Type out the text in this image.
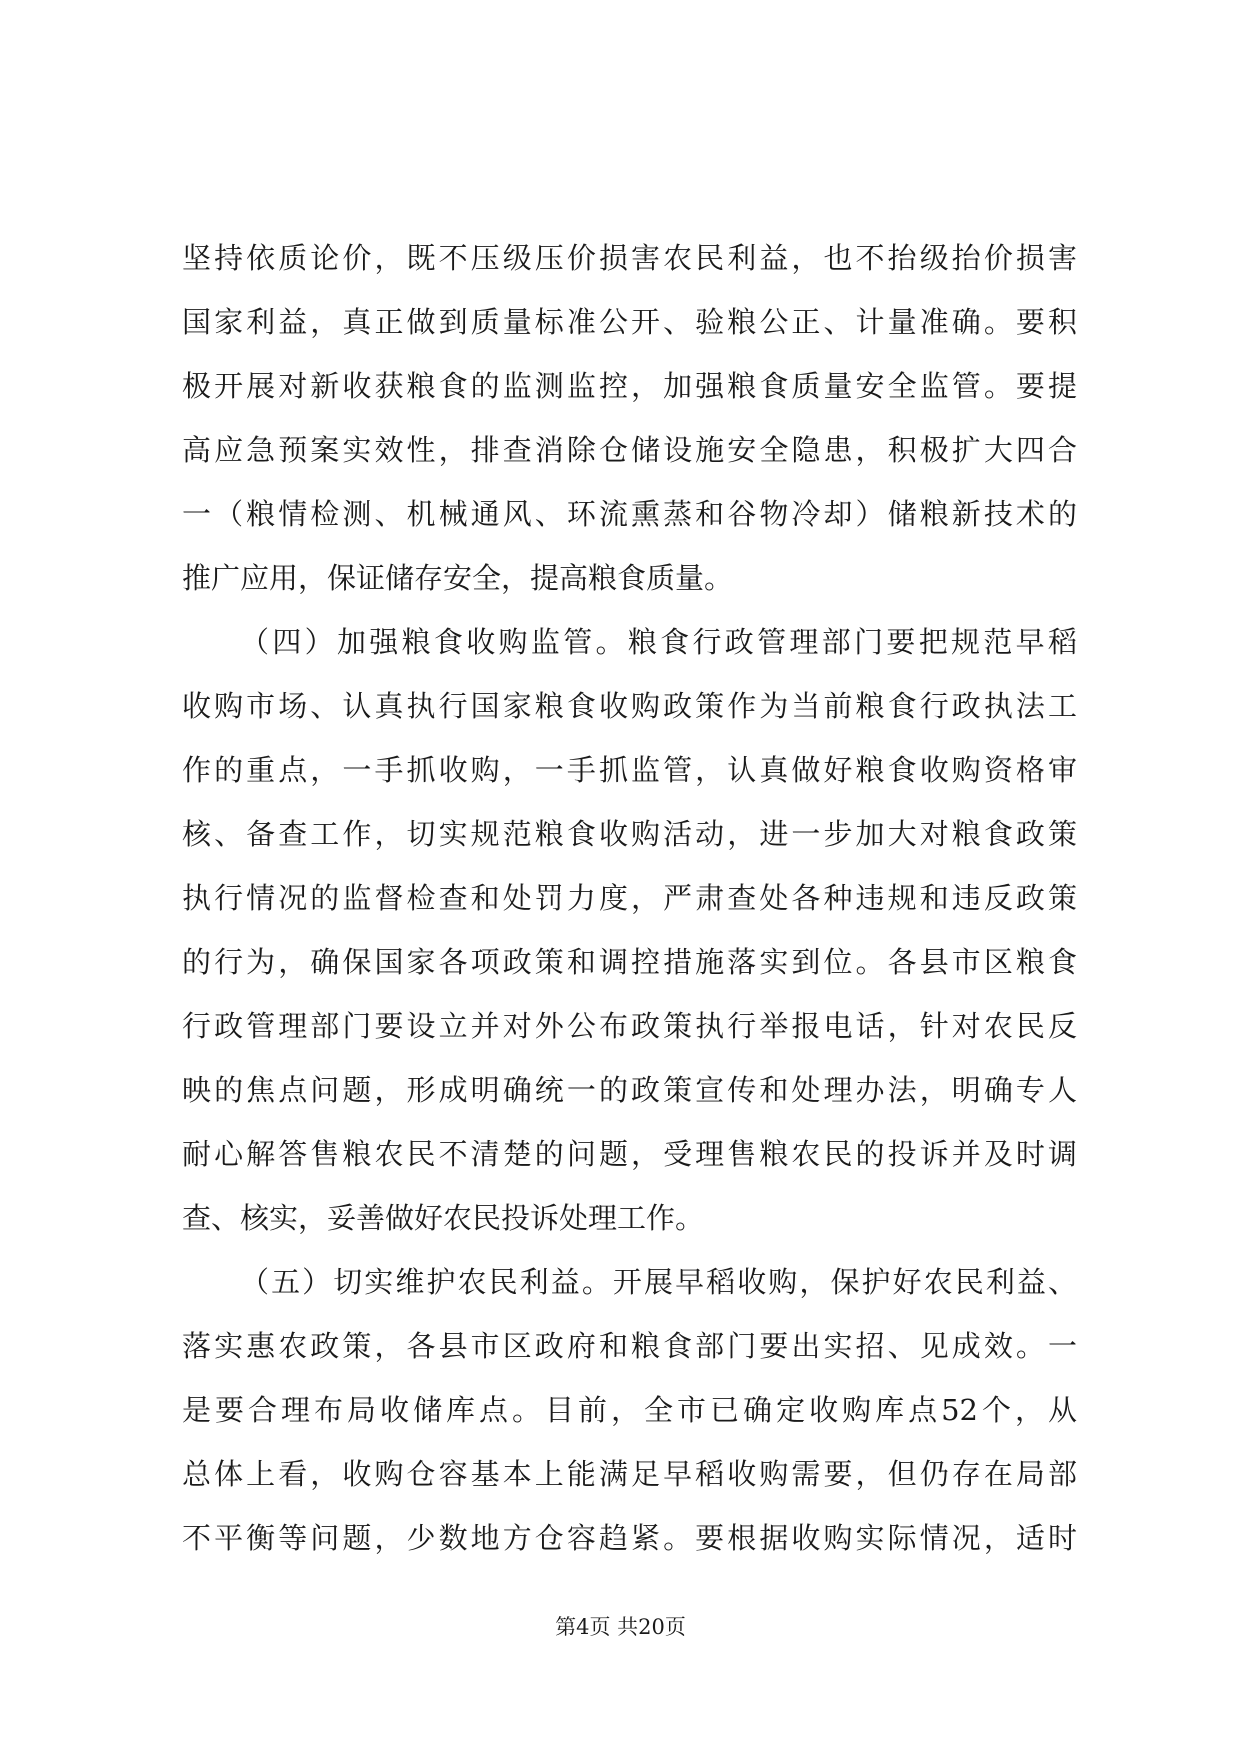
坚持依质论价，既不压级压价损害农民利益，也不抬级抬价损害
国家利益，真正做到质量标准公开、验粮公正、计量准确。要积
极开展对新收获粮食的监测监控，加强粮食质量安全监管。要提
高应急预案实效性，排查消除仓储设施安全隐患，积极扩大四合
一（粮情检测、机械通风、环流熏蒸和谷物冷却）储粮新技术的
推广应用，保证储存安全，提高粮食质量。
（四）加强粮食收购监管。粮食行政管理部门要把规范早稻
收购市场、认真执行国家粮食收购政策作为当前粮食行政执法工
作的重点，一手抓收购，一手抓监管，认真做好粮食收购资格审
核、备查工作，切实规范粮食收购活动，进一步加大对粮食政策
执行情况的监督检查和处罚力度，严肃查处各种违规和违反政策
的行为，确保国家各项政策和调控措施落实到位。各县市区粮食
行政管理部门要设立并对外公布政策执行举报电话，针对农民反
映的焦点问题，形成明确统一的政策宣传和处理办法，明确专人
耐心解答售粮农民不清楚的问题，受理售粮农民的投诉并及时调
查、核实，妥善做好农民投诉处理工作。
（五）切实维护农民利益。开展早稻收购，保护好农民利益、
落实惠农政策，各县市区政府和粮食部门要出实招、见成效。一
是要合理布局收储库点。目前，全市已确定收购库点52个，从
总体上看，收购仓容基本上能满足早稻收购需要，但仍存在局部
不平衡等问题，少数地方仓容趋紧。要根据收购实际情况，适时
第4页 共20页
